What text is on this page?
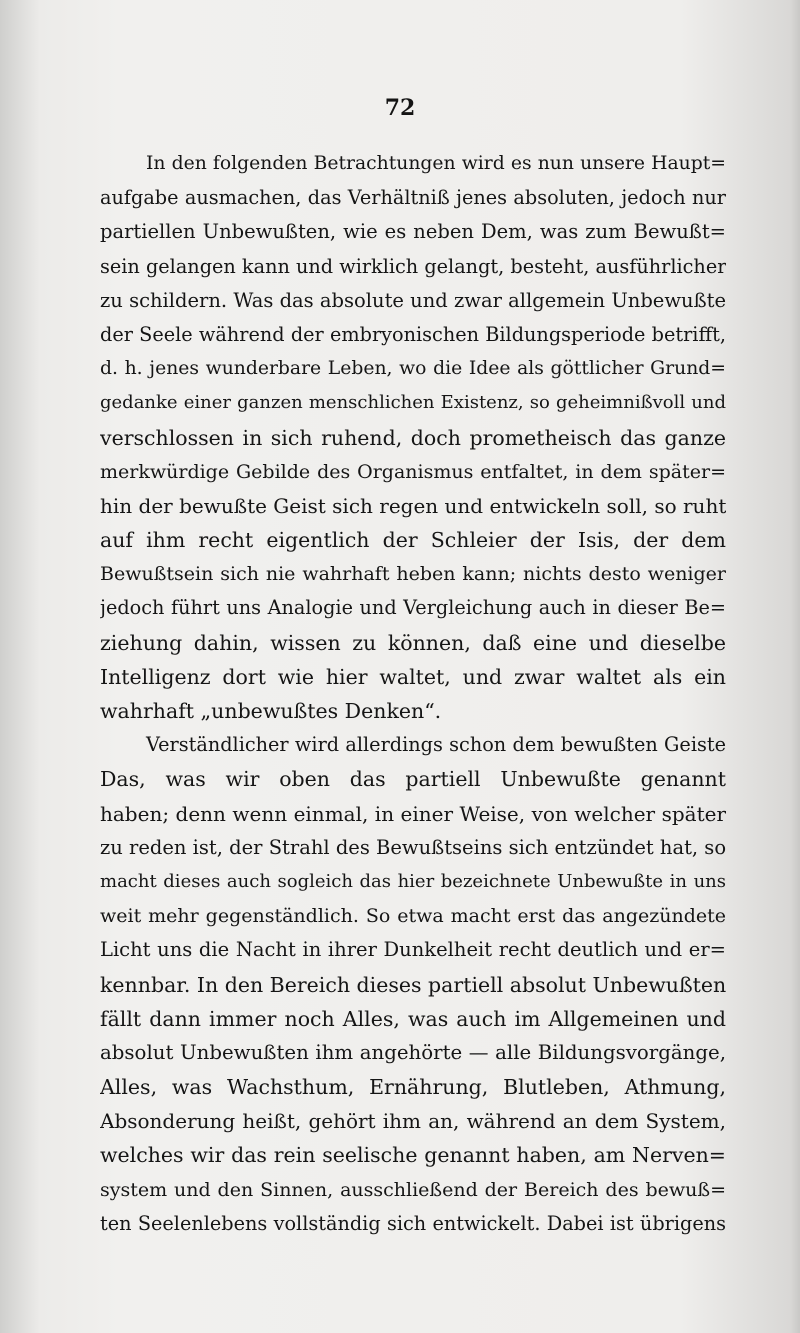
72
In den folgenden Betrachtungen wird es nun unsere Haupt=
aufgabe ausmachen, das Verhältniß jenes absoluten, jedoch nur
partiellen Unbewußten, wie es neben Dem, was zum Bewußt=
sein gelangen kann und wirklich gelangt, besteht, ausführlicher
zu schildern. Was das absolute und zwar allgemein Unbewußte
der Seele während der embryonischen Bildungsperiode betrifft,
d. h. jenes wunderbare Leben, wo die Idee als göttlicher Grund=
gedanke einer ganzen menschlichen Existenz, so geheimnißvoll und
verschlossen in sich ruhend, doch prometheisch das ganze
merkwürdige Gebilde des Organismus entfaltet, in dem später=
hin der bewußte Geist sich regen und entwickeln soll, so ruht
auf ihm recht eigentlich der Schleier der Isis, der dem
Bewußtsein sich nie wahrhaft heben kann; nichts desto weniger
jedoch führt uns Analogie und Vergleichung auch in dieser Be=
ziehung dahin, wissen zu können, daß eine und dieselbe
Intelligenz dort wie hier waltet, und zwar waltet als ein
wahrhaft „unbewußtes Denken“.
Verständlicher wird allerdings schon dem bewußten Geiste
Das, was wir oben das partiell Unbewußte genannt
haben; denn wenn einmal, in einer Weise, von welcher später
zu reden ist, der Strahl des Bewußtseins sich entzündet hat, so
macht dieses auch sogleich das hier bezeichnete Unbewußte in uns
weit mehr gegenständlich. So etwa macht erst das angezündete
Licht uns die Nacht in ihrer Dunkelheit recht deutlich und er=
kennbar. In den Bereich dieses partiell absolut Unbewußten
fällt dann immer noch Alles, was auch im Allgemeinen und
absolut Unbewußten ihm angehörte — alle Bildungsvorgänge,
Alles, was Wachsthum, Ernährung, Blutleben, Athmung,
Absonderung heißt, gehört ihm an, während an dem System,
welches wir das rein seelische genannt haben, am Nerven=
system und den Sinnen, ausschließend der Bereich des bewuß=
ten Seelenlebens vollständig sich entwickelt. Dabei ist übrigens
